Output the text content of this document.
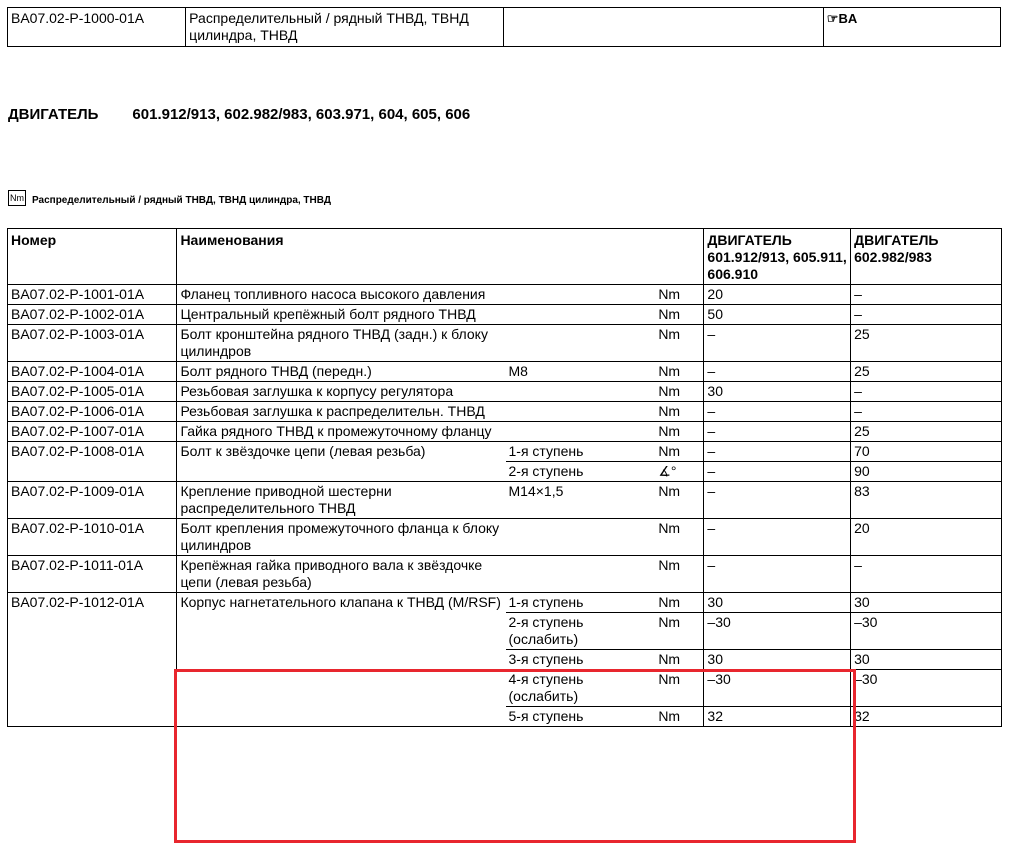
BA07.02-P-1000-01A	Распределительный / рядный ТНВД, ТВНД цилиндра, ТНВД		☞BA
ДВИГАТЕЛЬ 601.912/913, 602.982/983, 603.971, 604, 605, 606
Nm Распределительный / рядный ТНВД, ТВНД цилиндра, ТНВД
Номер	Наименования			ДВИГАТЕЛЬ 601.912/913, 605.911, 606.910	ДВИГАТЕЛЬ 602.982/983
BA07.02-P-1001-01A	Фланец топливного насоса высокого давления		Nm	20	–
BA07.02-P-1002-01A	Центральный крепёжный болт рядного ТНВД		Nm	50	–
BA07.02-P-1003-01A	Болт кронштейна рядного ТНВД (задн.) к блоку цилиндров		Nm	–	25
BA07.02-P-1004-01A	Болт рядного ТНВД (передн.)	M8	Nm	–	25
BA07.02-P-1005-01A	Резьбовая заглушка к корпусу регулятора		Nm	30	–
BA07.02-P-1006-01A	Резьбовая заглушка к распределительн. ТНВД		Nm	–	–
BA07.02-P-1007-01A	Гайка рядного ТНВД к промежуточному фланцу		Nm	–	25
BA07.02-P-1008-01A	Болт к звёздочке цепи (левая резьба)	1-я ступень	Nm	–	70
		2-я ступень	∡°	–	90
BA07.02-P-1009-01A	Крепление приводной шестерни распределительного ТНВД	M14×1,5	Nm	–	83
BA07.02-P-1010-01A	Болт крепления промежуточного фланца к блоку цилиндров		Nm	–	20
BA07.02-P-1011-01A	Крепёжная гайка приводного вала к звёздочке цепи (левая резьба)		Nm	–	–
BA07.02-P-1012-01A	Корпус нагнетательного клапана к ТНВД (M/RSF)	1-я ступень	Nm	30	30
		2-я ступень (ослабить)	Nm	–30	–30
		3-я ступень	Nm	30	30
		4-я ступень (ослабить)	Nm	–30	–30
		5-я ступень	Nm	32	32
